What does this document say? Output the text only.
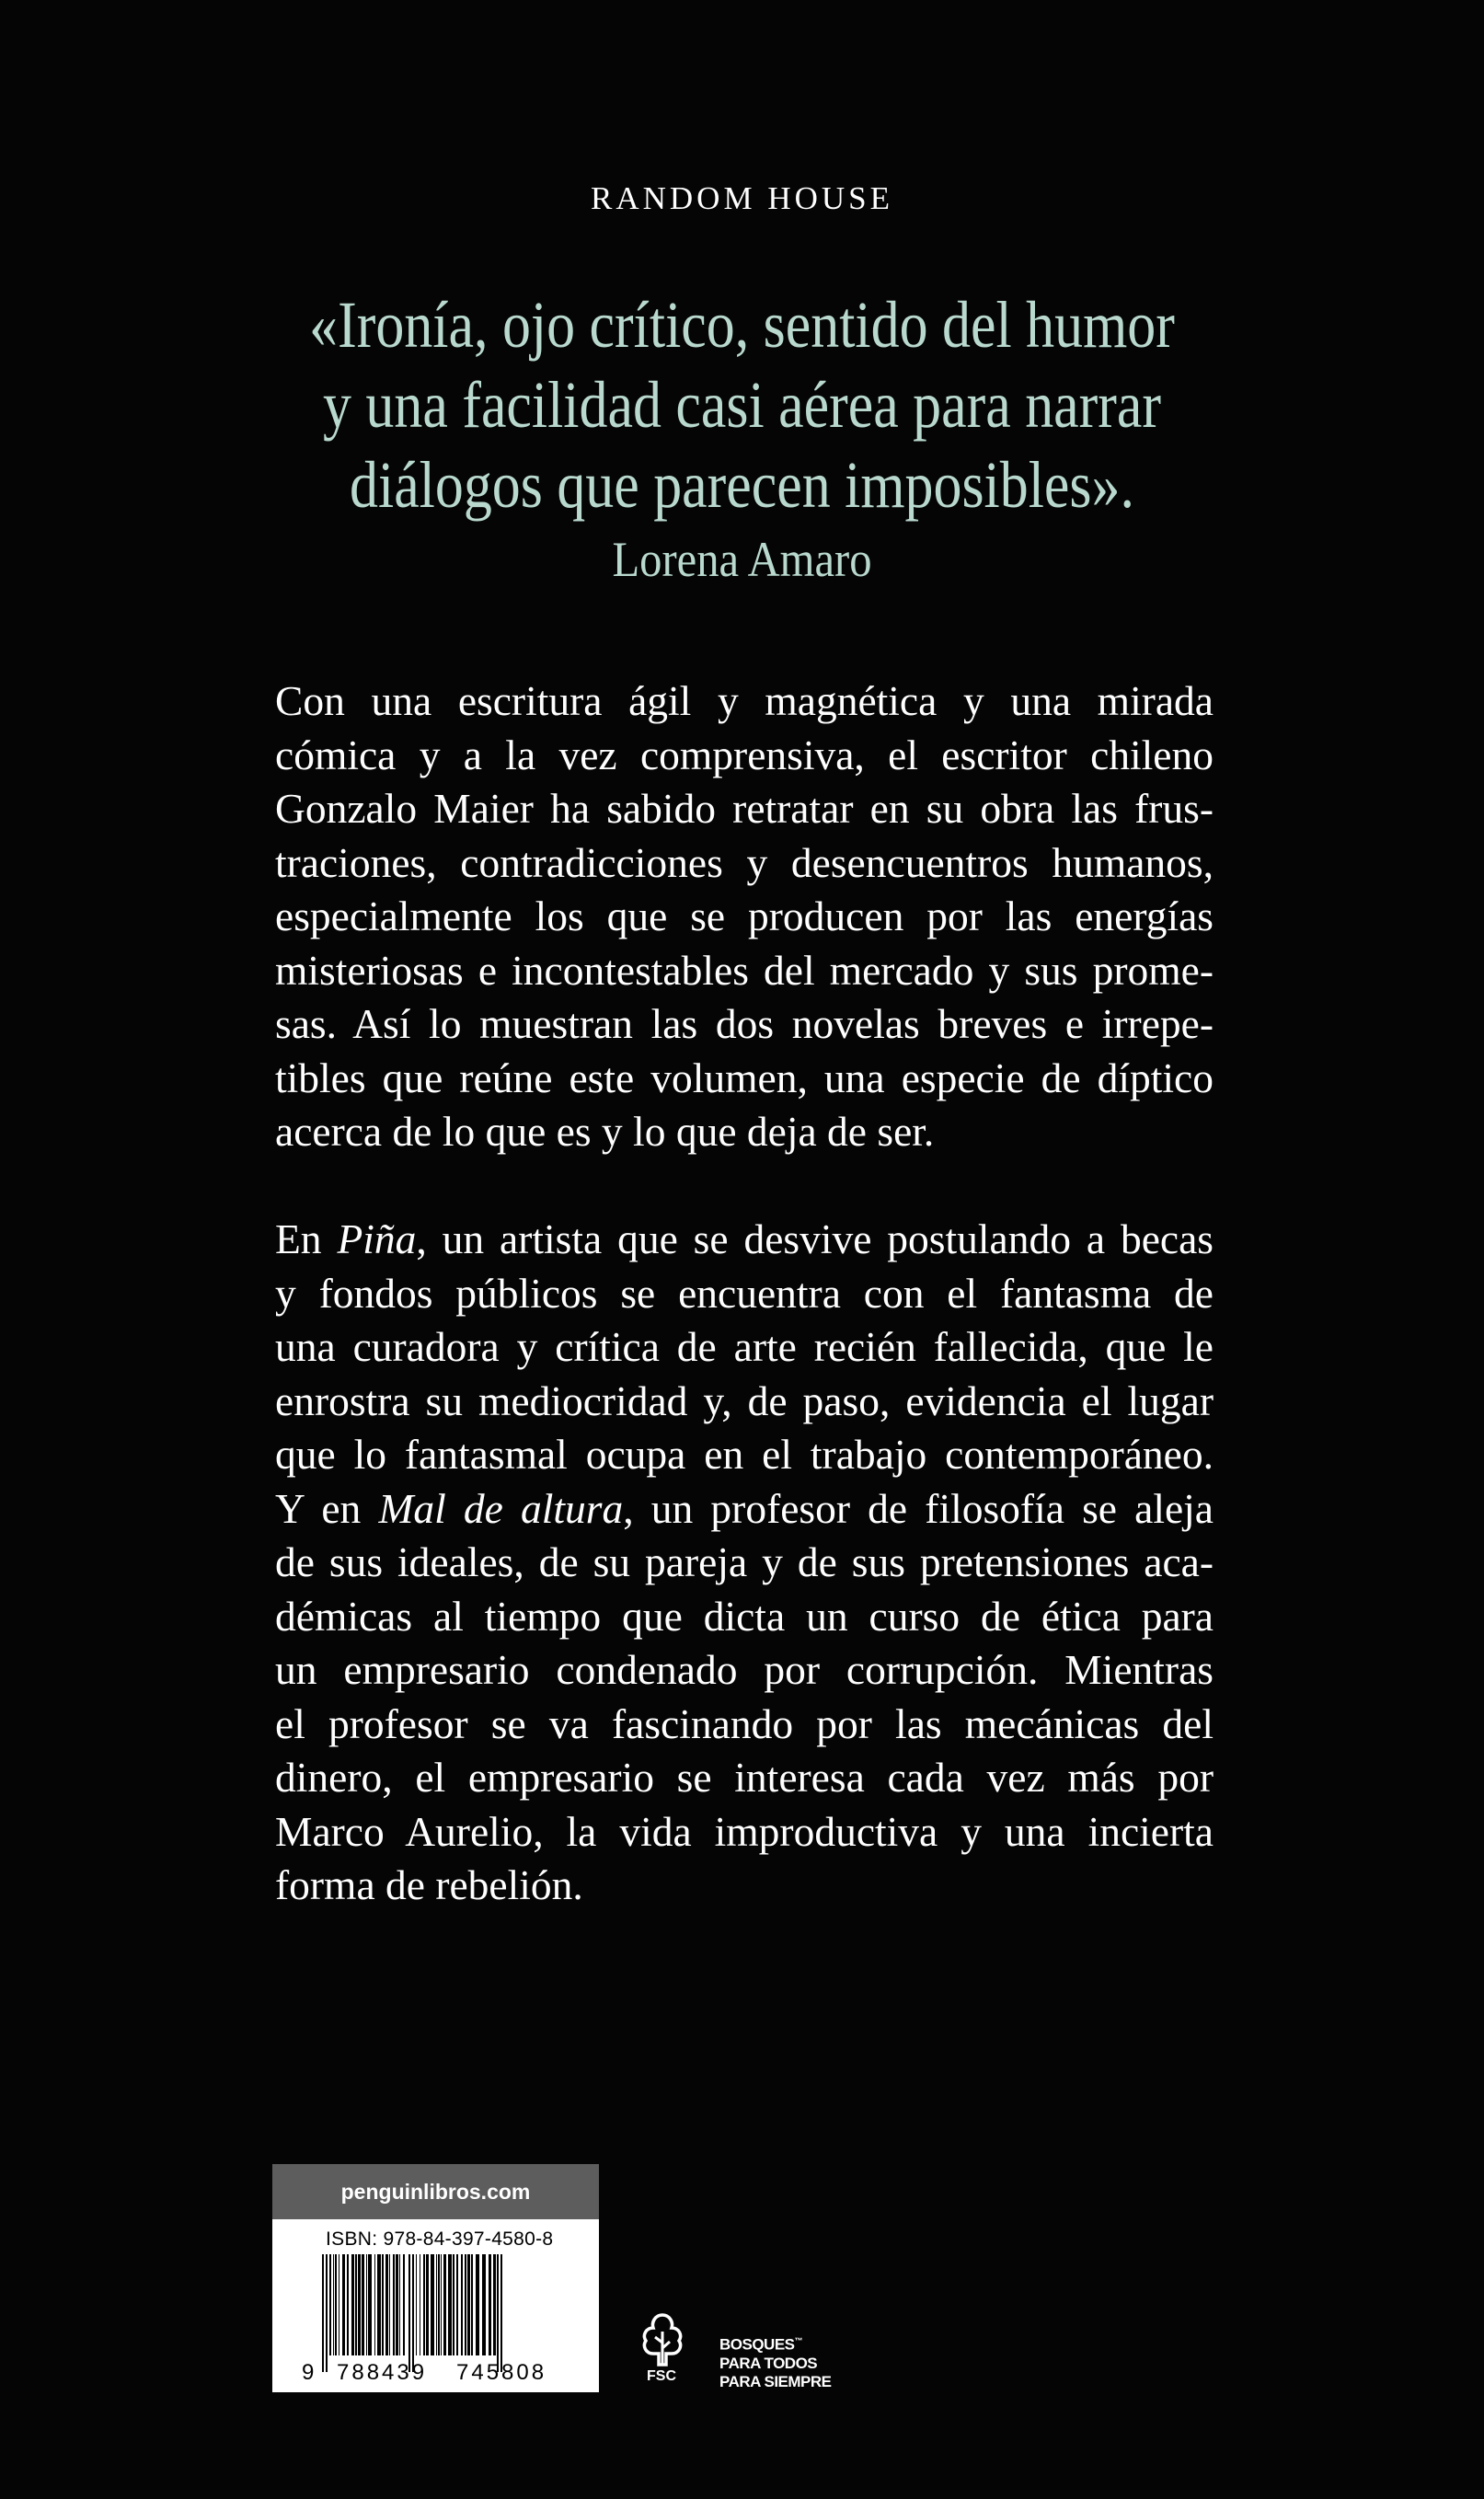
RANDOM HOUSE
«Ironía, ojo crítico, sentido del humor
y una facilidad casi aérea para narrar
diálogos que parecen imposibles».
Lorena Amaro
Con una escritura ágil y magnética y una mirada
cómica y a la vez comprensiva, el escritor chileno
Gonzalo Maier ha sabido retratar en su obra las frus-
traciones, contradicciones y desencuentros humanos,
especialmente los que se producen por las energías
misteriosas e incontestables del mercado y sus prome-
sas. Así lo muestran las dos novelas breves e irrepe-
tibles que reúne este volumen, una especie de díptico
acerca de lo que es y lo que deja de ser.
En Piña, un artista que se desvive postulando a becas
y fondos públicos se encuentra con el fantasma de
una curadora y crítica de arte recién fallecida, que le
enrostra su mediocridad y, de paso, evidencia el lugar
que lo fantasmal ocupa en el trabajo contemporáneo.
Y en Mal de altura, un profesor de filosofía se aleja
de sus ideales, de su pareja y de sus pretensiones aca-
démicas al tiempo que dicta un curso de ética para
un empresario condenado por corrupción. Mientras
el profesor se va fascinando por las mecánicas del
dinero, el empresario se interesa cada vez más por
Marco Aurelio, la vida improductiva y una incierta
forma de rebelión.
penguinlibros.com
ISBN: 978-84-397-4580-8
9 788439 745808	FSC
BOSQUES™
PARA TODOS
PARA SIEMPRE
